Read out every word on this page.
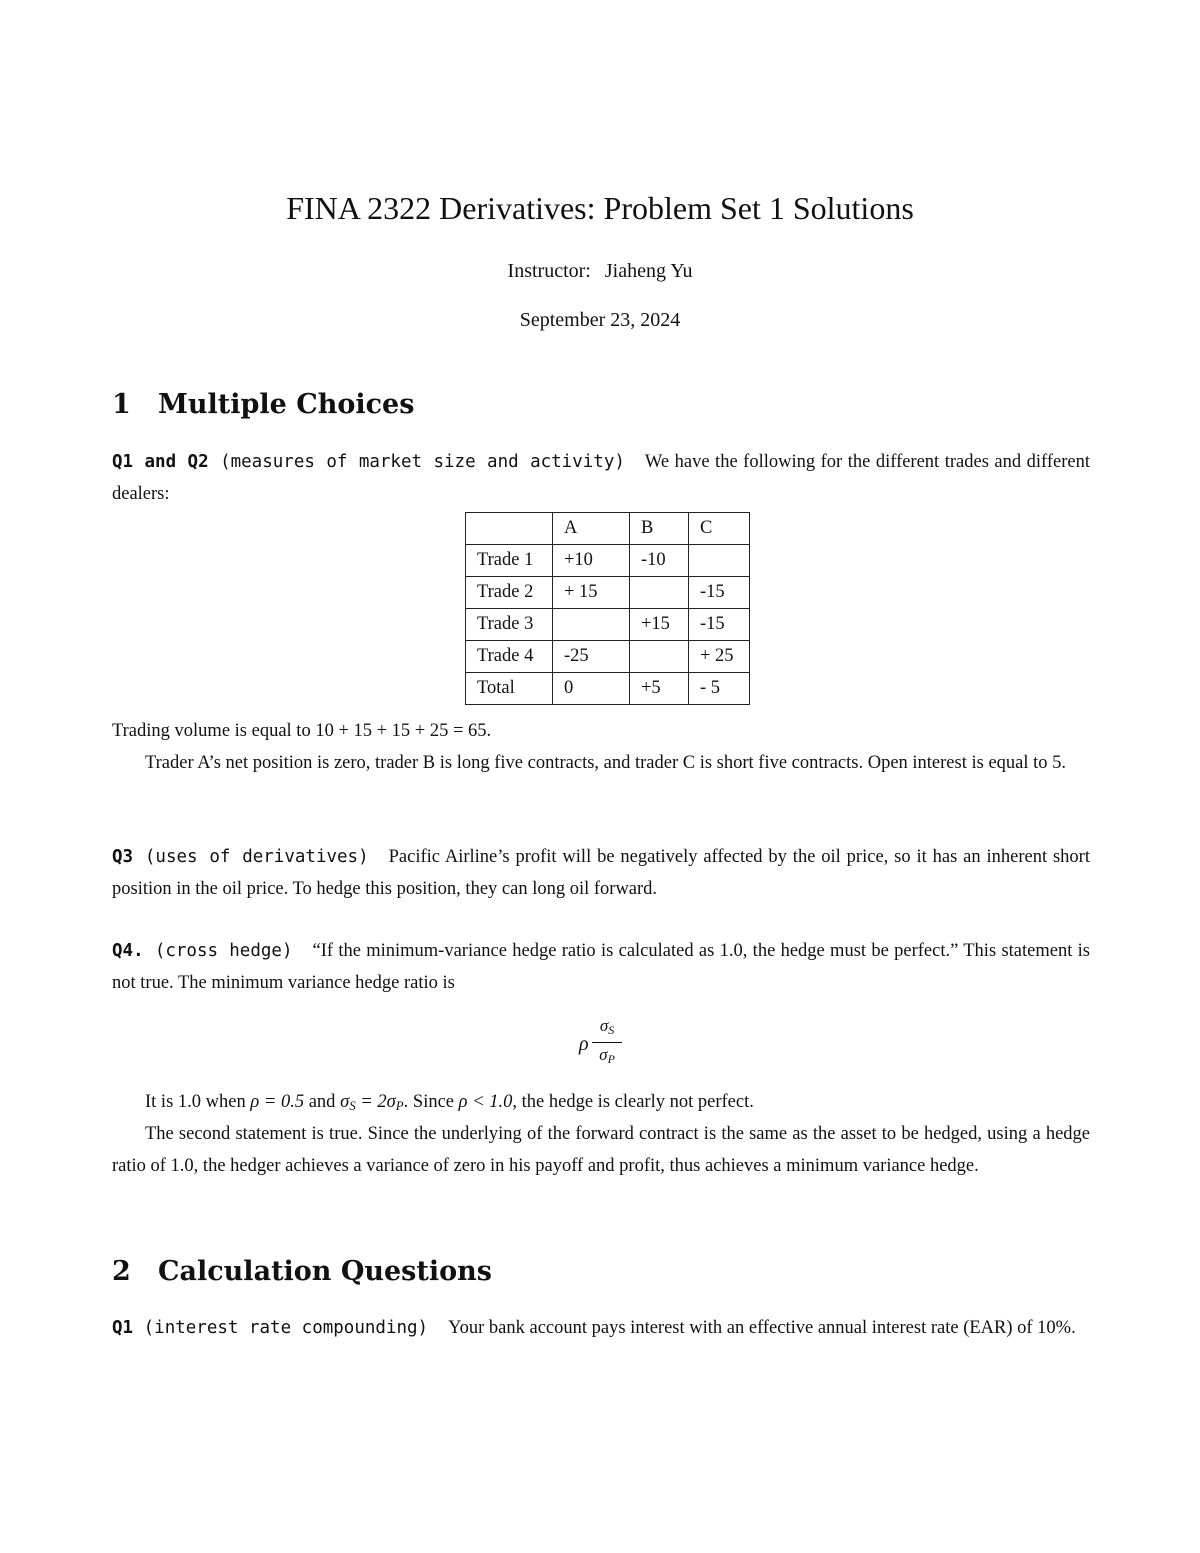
FINA 2322 Derivatives: Problem Set 1 Solutions
Instructor: Jiaheng Yu
September 23, 2024
1 Multiple Choices
Q1 and Q2 (measures of market size and activity) We have the following for the different trades and different dealers:
	A	B	C
Trade 1	+10	-10	
Trade 2	+ 15		-15
Trade 3		+15	-15
Trade 4	-25		+ 25
Total	0	+5	- 5
Trading volume is equal to 10 + 15 + 15 + 25 = 65.
Trader A’s net position is zero, trader B is long five contracts, and trader C is short five contracts. Open interest is equal to 5.
Q3 (uses of derivatives) Pacific Airline’s profit will be negatively affected by the oil price, so it has an inherent short position in the oil price. To hedge this position, they can long oil forward.
Q4. (cross hedge) “If the minimum-variance hedge ratio is calculated as 1.0, the hedge must be perfect.” This statement is not true. The minimum variance hedge ratio is
ρ
$\sigma_S$
$\sigma_P$
It is 1.0 when ρ = 0.5 and $\sigma_S = 2\sigma_P$. Since ρ < 1.0, the hedge is clearly not perfect.
The second statement is true. Since the underlying of the forward contract is the same as the asset to be hedged, using a hedge ratio of 1.0, the hedger achieves a variance of zero in his payoff and profit, thus achieves a minimum variance hedge.
2 Calculation Questions
Q1 (interest rate compounding) Your bank account pays interest with an effective annual interest rate (EAR) of 10%.
